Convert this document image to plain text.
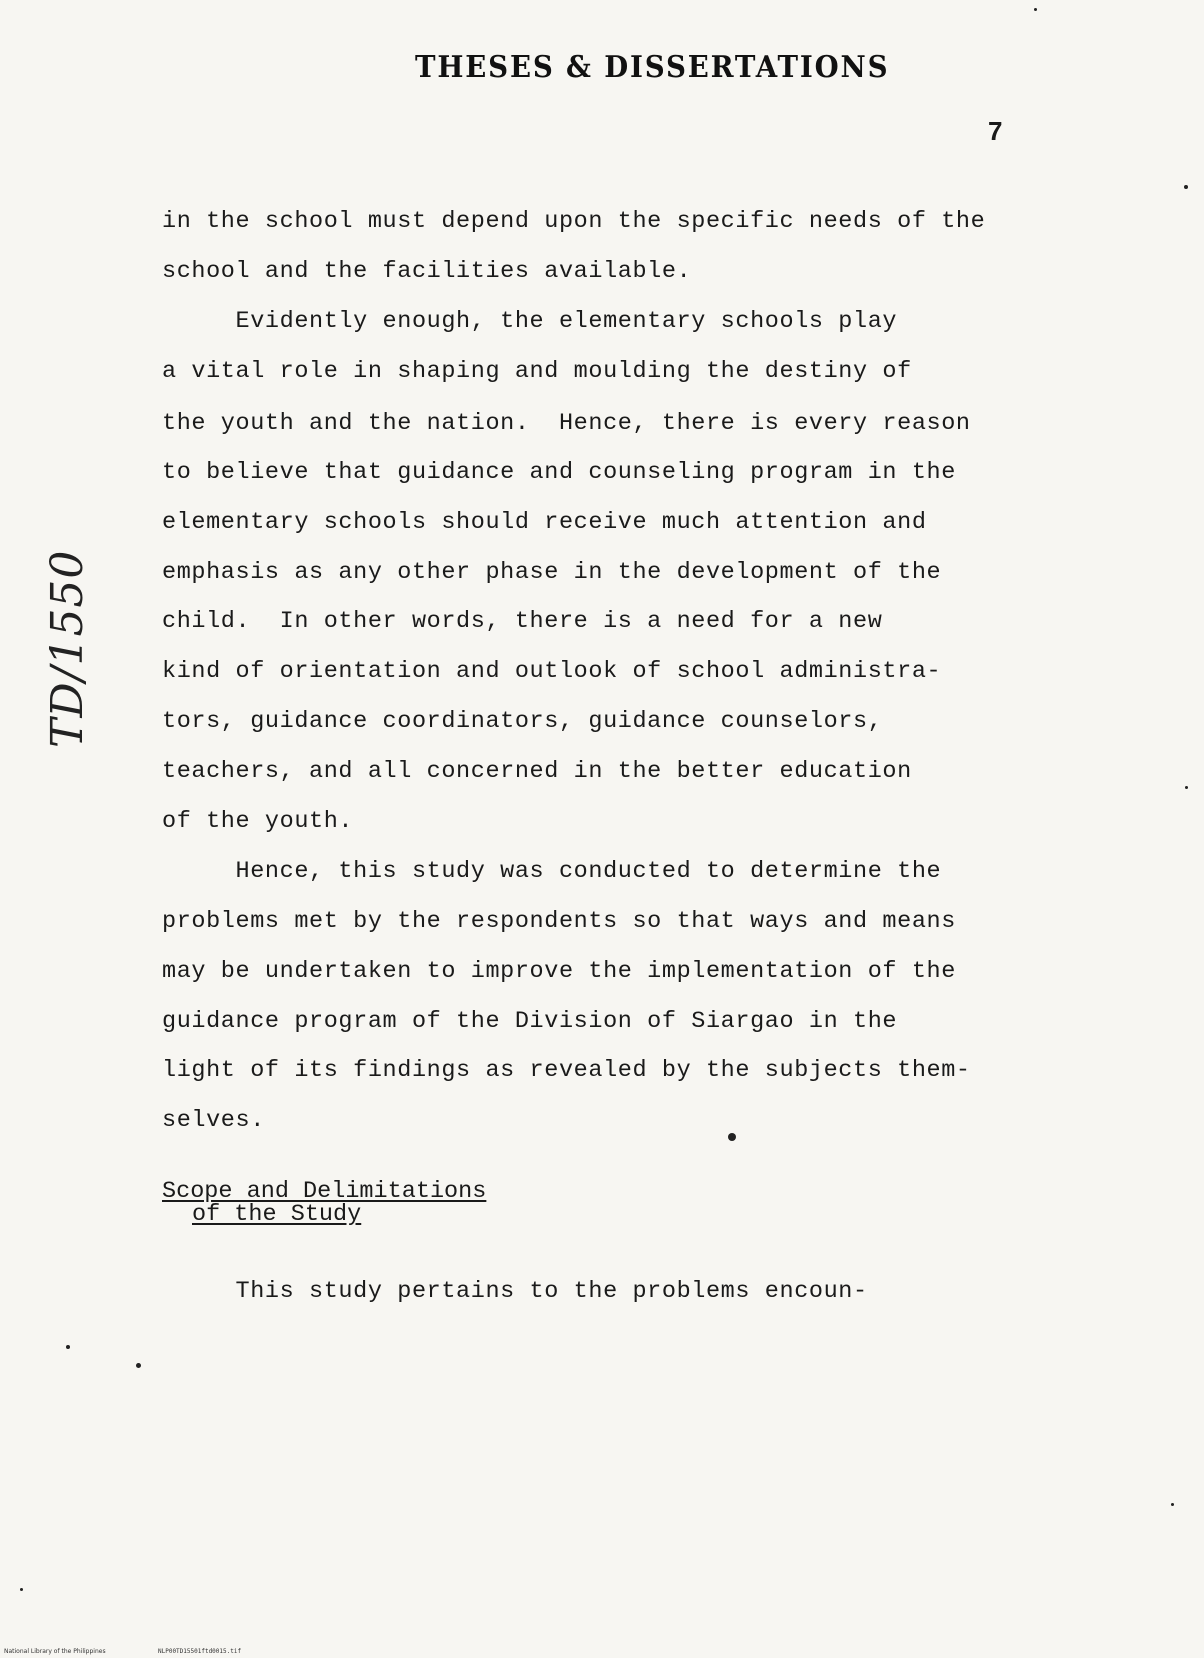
THESES & DISSERTATIONS
7
TD/1550
in the school must depend upon the specific needs of the
school and the facilities available.
Evidently enough, the elementary schools play
a vital role in shaping and moulding the destiny of
the youth and the nation.  Hence, there is every reason
to believe that guidance and counseling program in the
elementary schools should receive much attention and
emphasis as any other phase in the development of the
child.  In other words, there is a need for a new
kind of orientation and outlook of school administra-
tors, guidance coordinators, guidance counselors,
teachers, and all concerned in the better education
of the youth.
Hence, this study was conducted to determine the
problems met by the respondents so that ways and means
may be undertaken to improve the implementation of the
guidance program of the Division of Siargao in the
light of its findings as revealed by the subjects them-
selves.
Scope and Delimitations
of the Study
This study pertains to the problems encoun-
National Library of the Philippines	NLP00TD15501ftd0015.tif
